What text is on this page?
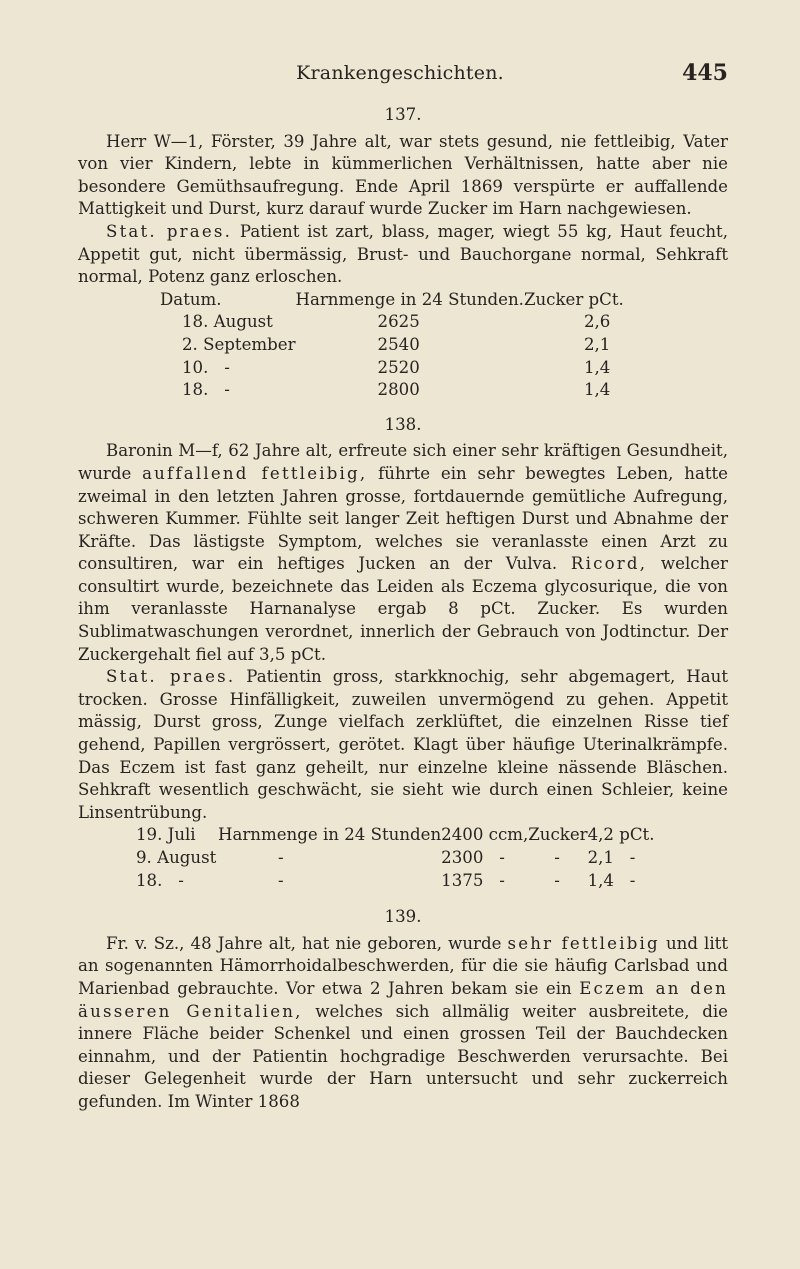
Krankengeschichten.	445
137.

Herr W—1, Förster, 39 Jahre alt, war stets gesund, nie fettleibig, Vater von vier Kindern, lebte in kümmerlichen Verhältnissen, hatte aber nie besondere Gemüthsaufregung. Ende April 1869 verspürte er auffallende Mattigkeit und Durst, kurz darauf wurde Zucker im Harn nachgewiesen.

Stat. praes. Patient ist zart, blass, mager, wiegt 55 kg, Haut feucht, Appetit gut, nicht übermässig, Brust- und Bauchorgane normal, Sehkraft normal, Potenz ganz erloschen.

Datum.	Harnmenge in 24 Stunden.	Zucker pCt.
18. August	2625	2,6
2. September	2540	2,1
10.   -	2520	1,4
18.   -	2800	1,4
138.

Baronin M—f, 62 Jahre alt, erfreute sich einer sehr kräftigen Gesundheit, wurde auffallend fettleibig, führte ein sehr bewegtes Leben, hatte zweimal in den letzten Jahren grosse, fortdauernde gemütliche Aufregung, schweren Kummer. Fühlte seit langer Zeit heftigen Durst und Abnahme der Kräfte. Das lästigste Symptom, welches sie veranlasste einen Arzt zu consultiren, war ein heftiges Jucken an der Vulva. Ricord, welcher consultirt wurde, bezeichnete das Leiden als Eczema glycosurique, die von ihm veranlasste Harnanalyse ergab 8 pCt. Zucker. Es wurden Sublimatwaschungen verordnet, innerlich der Gebrauch von Jodtinctur. Der Zuckergehalt fiel auf 3,5 pCt.

Stat. praes. Patientin gross, starkknochig, sehr abgemagert, Haut trocken. Grosse Hinfälligkeit, zuweilen unvermögend zu gehen. Appetit mässig, Durst gross, Zunge vielfach zerklüftet, die einzelnen Risse tief gehend, Papillen vergrössert, gerötet. Klagt über häufige Uterinalkrämpfe. Das Eczem ist fast ganz geheilt, nur einzelne kleine nässende Bläschen. Sehkraft wesentlich geschwächt, sie sieht wie durch einen Schleier, keine Linsentrübung.

19. Juli	Harnmenge in 24 Stunden	2400 ccm,	Zucker	4,2 pCt.
9. August	-	2300   -	-	2,1   -
18.   -	-	1375   -	-	1,4   -
139.

Fr. v. Sz., 48 Jahre alt, hat nie geboren, wurde sehr fettleibig und litt an sogenannten Hämorrhoidalbeschwerden, für die sie häufig Carlsbad und Marienbad gebrauchte. Vor etwa 2 Jahren bekam sie ein Eczem an den äusseren Genitalien, welches sich allmälig weiter ausbreitete, die innere Fläche beider Schenkel und einen grossen Teil der Bauchdecken einnahm, und der Patientin hochgradige Beschwerden verursachte. Bei dieser Gelegenheit wurde der Harn untersucht und sehr zuckerreich gefunden. Im Winter 1868
